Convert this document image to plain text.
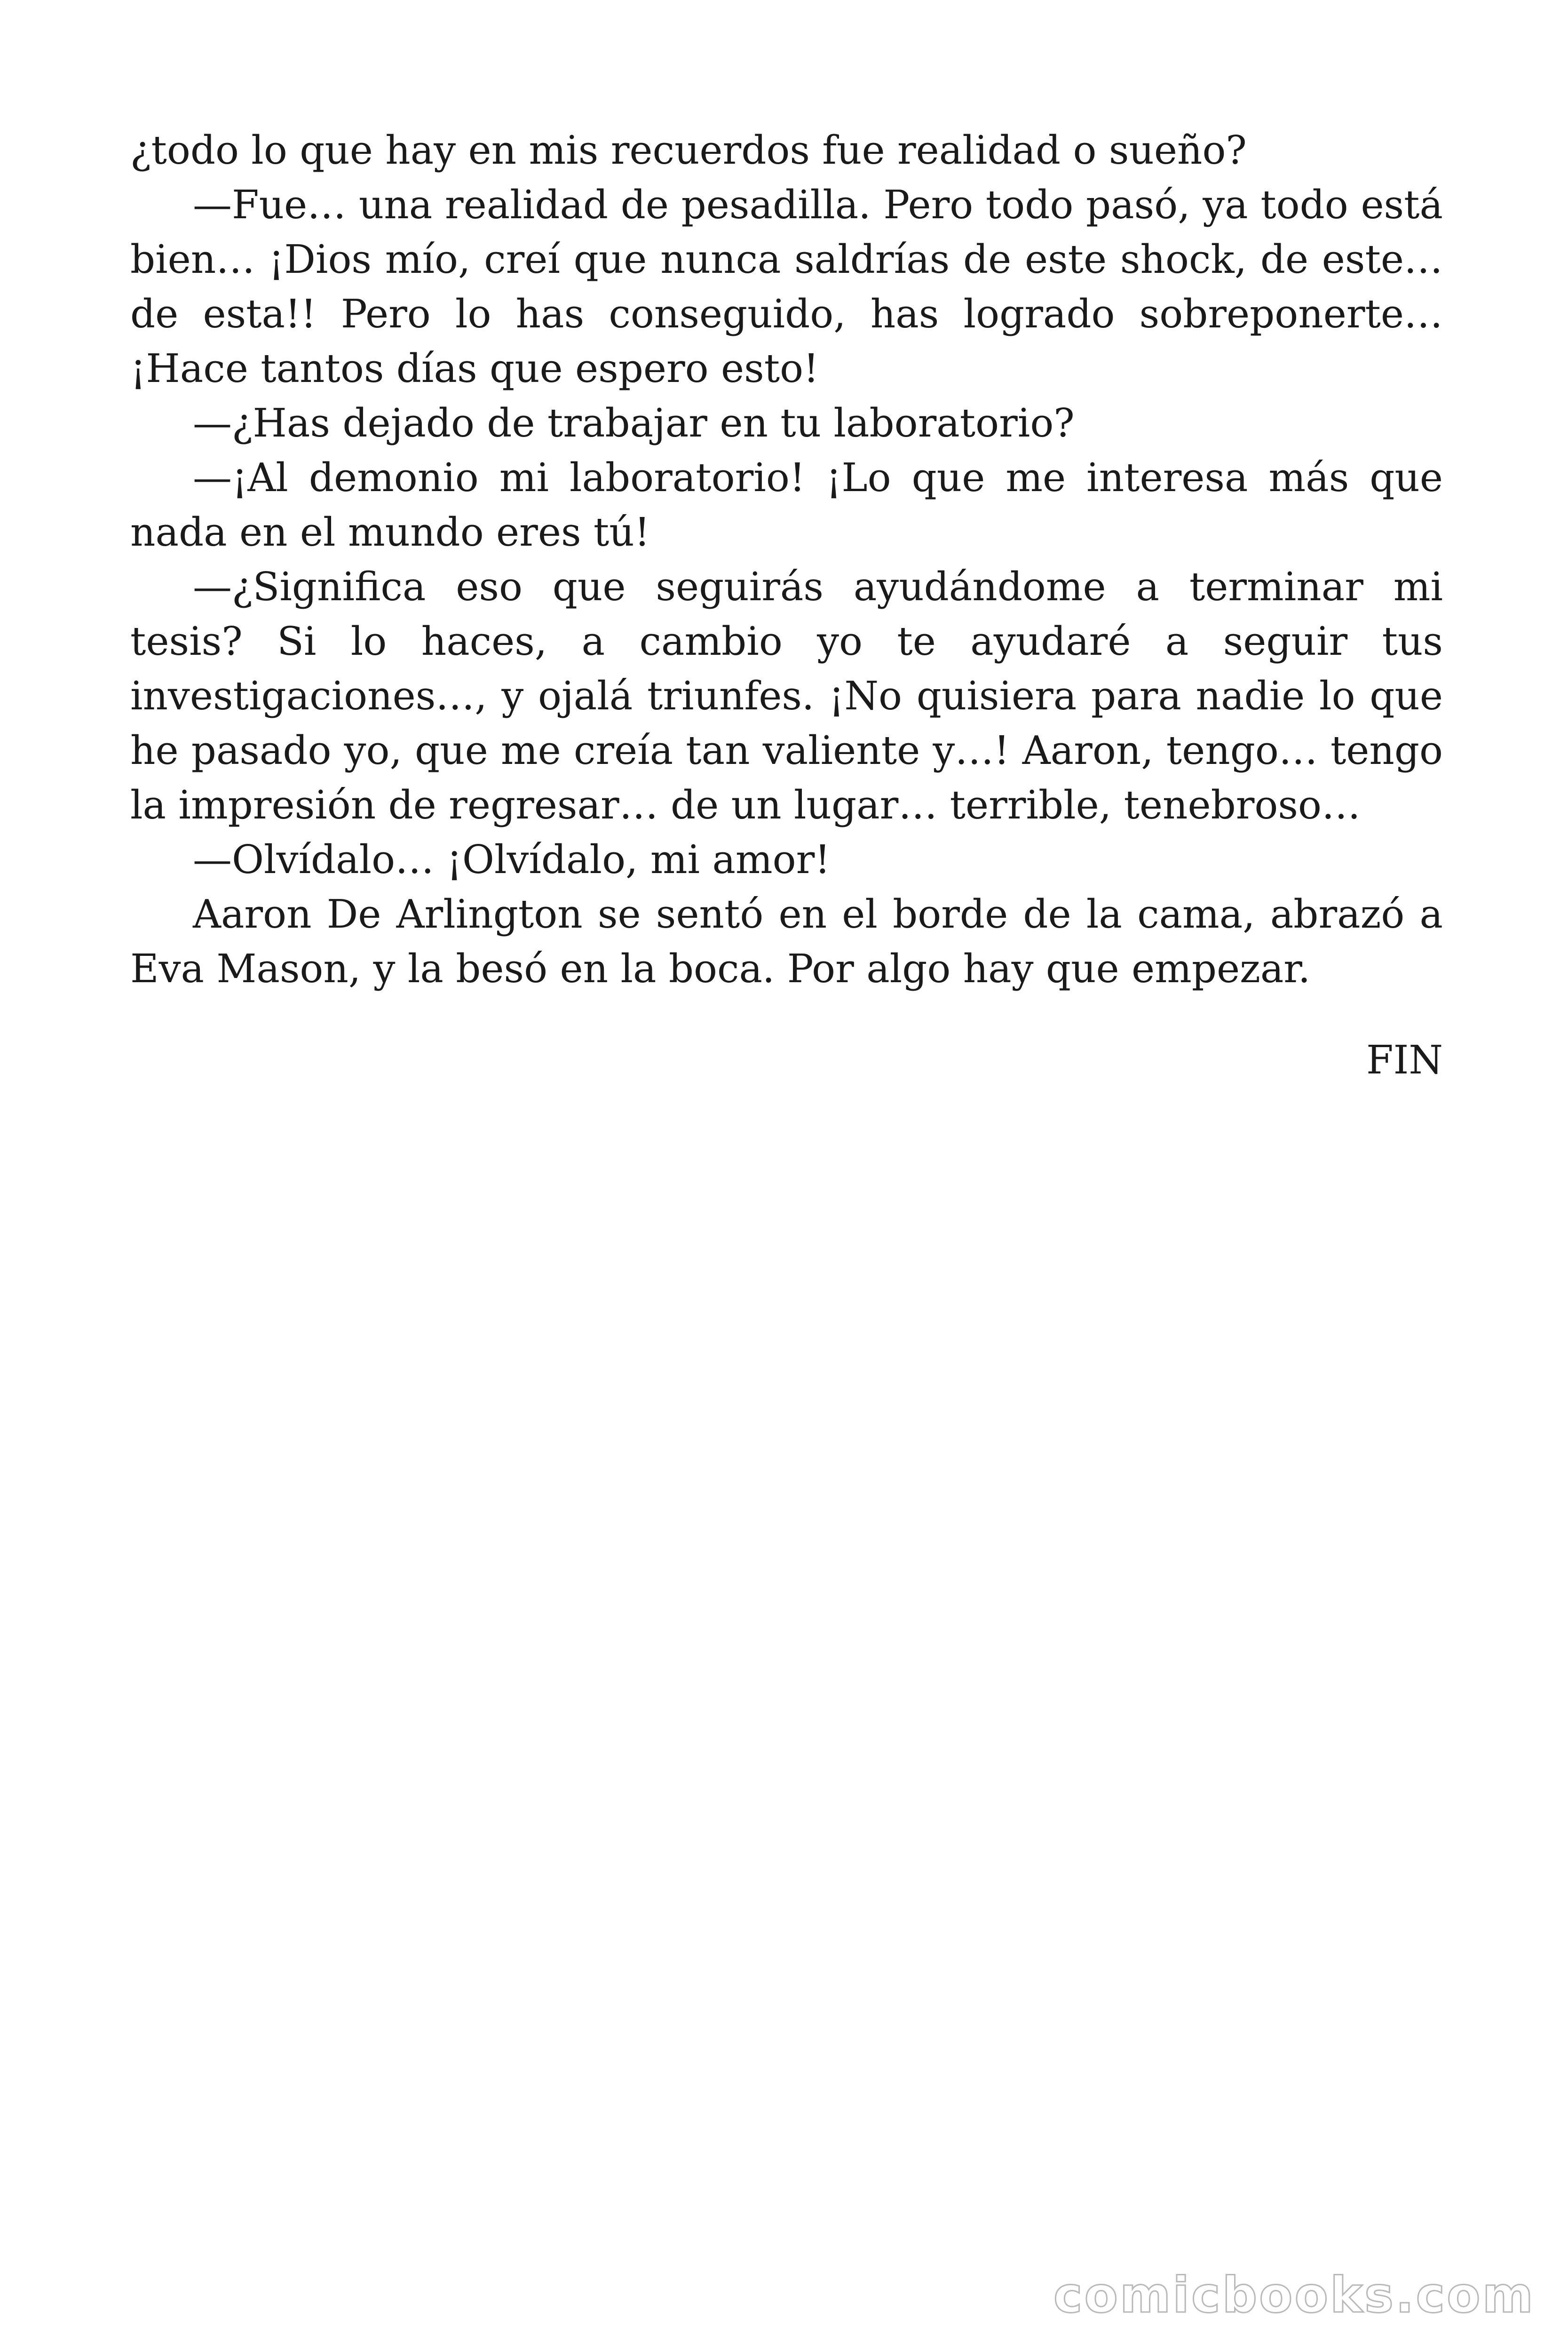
¿todo lo que hay en mis recuerdos fue realidad o sueño?

—Fue… una realidad de pesadilla. Pero todo pasó, ya todo está bien… ¡Dios mío, creí que nunca saldrías de este shock, de este… de esta!! Pero lo has conseguido, has logrado sobreponerte… ¡Hace tantos días que espero esto!

—¿Has dejado de trabajar en tu laboratorio?

—¡Al demonio mi laboratorio! ¡Lo que me interesa más que nada en el mundo eres tú!

—¿Significa eso que seguirás ayudándome a terminar mi tesis? Si lo haces, a cambio yo te ayudaré a seguir tus investigaciones…, y ojalá triunfes. ¡No quisiera para nadie lo que he pasado yo, que me creía tan valiente y…! Aaron, tengo… tengo la impresión de regresar… de un lugar… terrible, tenebroso…

—Olvídalo… ¡Olvídalo, mi amor!

Aaron De Arlington se sentó en el borde de la cama, abrazó a Eva Mason, y la besó en la boca. Por algo hay que empezar.

FIN
comicbooks.com
